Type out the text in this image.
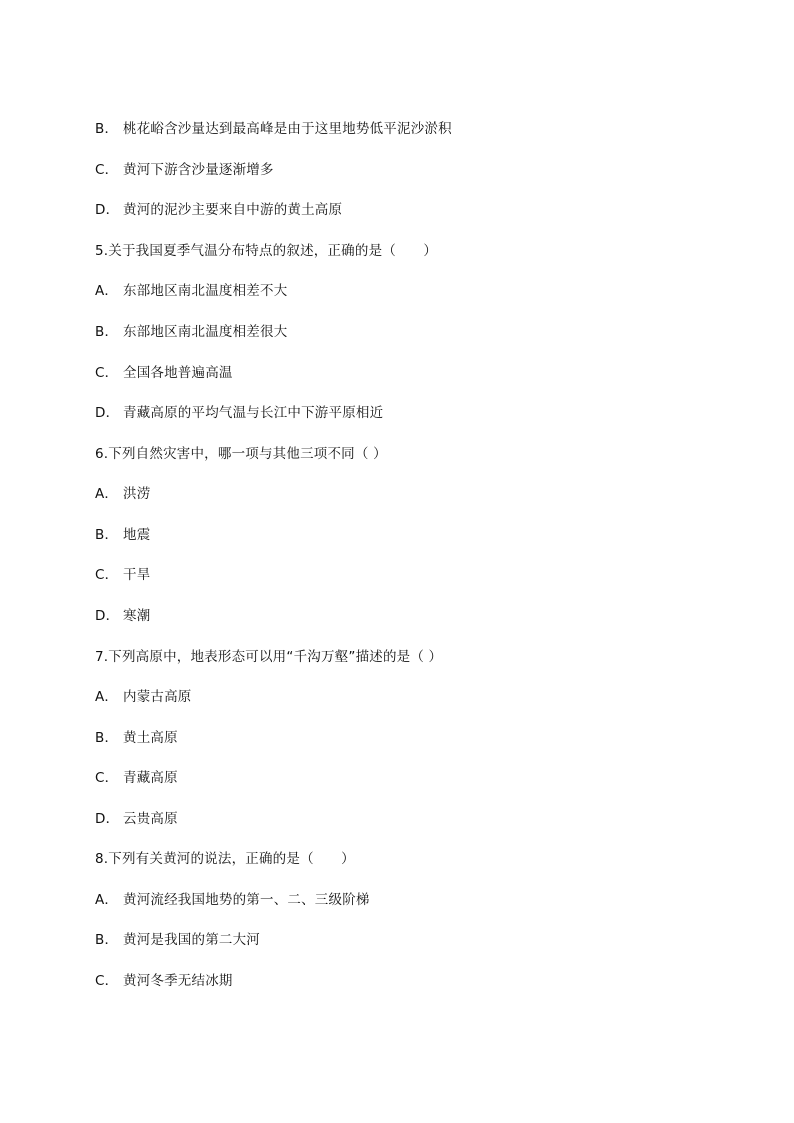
B． 桃花峪含沙量达到最高峰是由于这里地势低平泥沙淤积
C． 黄河下游含沙量逐渐增多
D． 黄河的泥沙主要来自中游的黄土高原
5.关于我国夏季气温分布特点的叙述，正确的是（　　）
A． 东部地区南北温度相差不大
B． 东部地区南北温度相差很大
C． 全国各地普遍高温
D． 青藏高原的平均气温与长江中下游平原相近
6.下列自然灾害中，哪一项与其他三项不同（ ）
A． 洪涝
B． 地震
C． 干旱
D． 寒潮
7.下列高原中，地表形态可以用“千沟万壑”描述的是（ ）
A． 内蒙古高原
B． 黄土高原
C． 青藏高原
D． 云贵高原
8.下列有关黄河的说法，正确的是（　　）
A． 黄河流经我国地势的第一、二、三级阶梯
B． 黄河是我国的第二大河
C． 黄河冬季无结冰期
